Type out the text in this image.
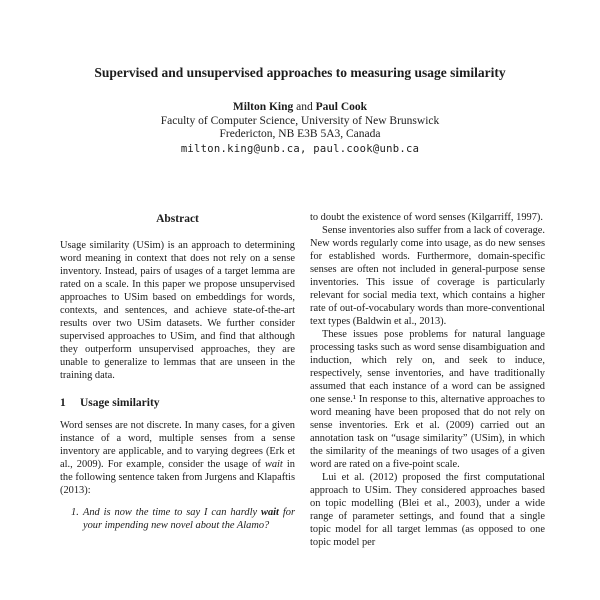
Supervised and unsupervised approaches to measuring usage similarity
Milton King and Paul Cook
Faculty of Computer Science, University of New Brunswick
Fredericton, NB E3B 5A3, Canada
milton.king@unb.ca, paul.cook@unb.ca
Abstract

Usage similarity (USim) is an approach to determining word meaning in context that does not rely on a sense inventory. Instead, pairs of usages of a target lemma are rated on a scale. In this paper we propose unsupervised approaches to USim based on embeddings for words, contexts, and sentences, and achieve state-of-the-art results over two USim datasets. We further consider supervised approaches to USim, and find that although they outperform unsupervised approaches, they are unable to generalize to lemmas that are unseen in the training data.

1 Usage similarity

Word senses are not discrete. In many cases, for a given instance of a word, multiple senses from a sense inventory are applicable, and to varying degrees (Erk et al., 2009). For example, consider the usage of wait in the following sentence taken from Jurgens and Klapaftis (2013):

1. And is now the time to say I can hardly wait for your impending new novel about the Alamo?

to doubt the existence of word senses (Kilgarriff, 1997).

Sense inventories also suffer from a lack of coverage. New words regularly come into usage, as do new senses for established words. Furthermore, domain-specific senses are often not included in general-purpose sense inventories. This issue of coverage is particularly relevant for social media text, which contains a higher rate of out-of-vocabulary words than more-conventional text types (Baldwin et al., 2013).

These issues pose problems for natural language processing tasks such as word sense disambiguation and induction, which rely on, and seek to induce, respectively, sense inventories, and have traditionally assumed that each instance of a word can be assigned one sense.¹ In response to this, alternative approaches to word meaning have been proposed that do not rely on sense inventories. Erk et al. (2009) carried out an annotation task on “usage similarity” (USim), in which the similarity of the meanings of two usages of a given word are rated on a five-point scale.

Lui et al. (2012) proposed the first computational approach to USim. They considered approaches based on topic modelling (Blei et al., 2003), under a wide range of parameter settings, and found that a single topic model for all target lemmas (as opposed to one topic model per
